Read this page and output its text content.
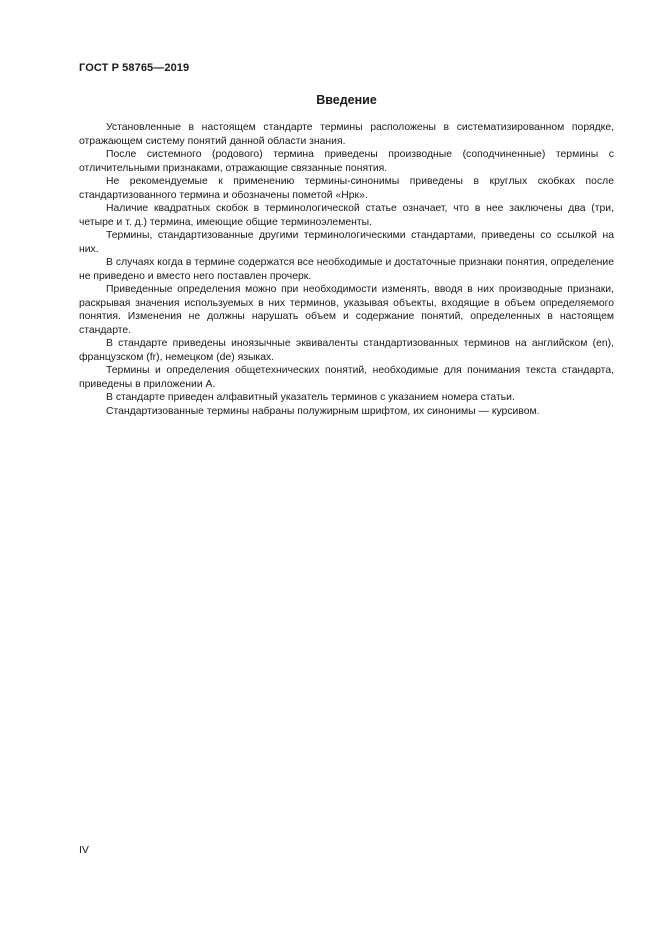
ГОСТ Р 58765—2019
Введение

Установленные в настоящем стандарте термины расположены в систематизированном порядке, отражающем систему понятий данной области знания.

После системного (родового) термина приведены производные (соподчиненные) термины с отличительными признаками, отражающие связанные понятия.

Не рекомендуемые к применению термины-синонимы приведены в круглых скобках после стандартизованного термина и обозначены пометой «Нрк».

Наличие квадратных скобок в терминологической статье означает, что в нее заключены два (три, четыре и т. д.) термина, имеющие общие терминоэлементы.

Термины, стандартизованные другими терминологическими стандартами, приведены со ссылкой на них.

В случаях когда в термине содержатся все необходимые и достаточные признаки понятия, определение не приведено и вместо него поставлен прочерк.

Приведенные определения можно при необходимости изменять, вводя в них производные признаки, раскрывая значения используемых в них терминов, указывая объекты, входящие в объем определяемого понятия. Изменения не должны нарушать объем и содержание понятий, определенных в настоящем стандарте.

В стандарте приведены иноязычные эквиваленты стандартизованных терминов на английском (en), французском (fr), немецком (de) языках.

Термины и определения общетехнических понятий, необходимые для понимания текста стандарта, приведены в приложении А.

В стандарте приведен алфавитный указатель терминов с указанием номера статьи.

Стандартизованные термины набраны полужирным шрифтом, их синонимы — курсивом.

IV
